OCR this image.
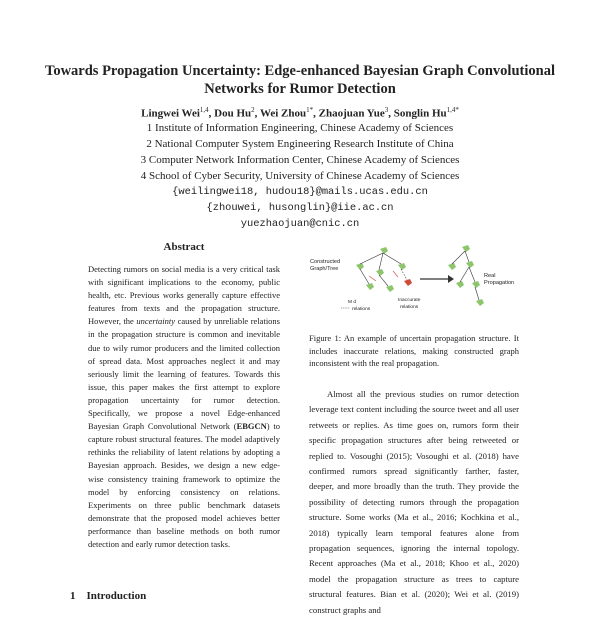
Towards Propagation Uncertainty: Edge-enhanced Bayesian Graph Convolutional Networks for Rumor Detection
Lingwei Wei$^{1,4}$, Dou Hu$^2$, Wei Zhou$^{1*}$, Zhaojuan Yue$^3$, Songlin $Hu^{1,4*}$
1 Institute of Information Engineering, Chinese Academy of Sciences
2 National Computer System Engineering Research Institute of China
3 Computer Network Information Center, Chinese Academy of Sciences
4 School of Cyber Security, University of Chinese Academy of Sciences
{weilingwei18, hudou18}@mails.ucas.edu.cn
{zhouwei, husonglin}@iie.ac.cn
yuezhaojuan@cnic.cn
Abstract
Detecting rumors on social media is a very critical task with significant implications to the economy, public health, etc. Previous works generally capture effective features from texts and the propagation structure. However, the uncertainty caused by unreliable relations in the propagation structure is common and inevitable due to wily rumor producers and the limited collection of spread data. Most approaches neglect it and may seriously limit the learning of features. Towards this issue, this paper makes the first attempt to explore propagation uncertainty for rumor detection. Specifically, we propose a novel Edge-enhanced Bayesian Graph Convolutional Network (EBGCN) to capture robust structural features. The model adaptively rethinks the reliability of latent relations by adopting a Bayesian approach. Besides, we design a new edge-wise consistency training framework to optimize the model by enforcing consistency on relations. Experiments on three public benchmark datasets demonstrate that the proposed model achieves better performance than baseline methods on both rumor detection and early rumor detection tasks.
1 Introduction
Constructed
Graph/Tree
Real
Propagation
M d
relations
Inaccurate
relations
Figure 1: An example of uncertain propagation structure. It includes inaccurate relations, making constructed graph inconsistent with the real propagation.
Almost all the previous studies on rumor detection leverage text content including the source tweet and all user retweets or replies. As time goes on, rumors form their specific propagation structures after being retweeted or replied to. Vosoughi (2015); Vosoughi et al. (2018) have confirmed rumors spread significantly farther, faster, deeper, and more broadly than the truth. They provide the possibility of detecting rumors through the propagation structure. Some works (Ma et al., 2016; Kochkina et al., 2018) typically learn temporal features alone from propagation sequences, ignoring the internal topology. Recent approaches (Ma et al., 2018; Khoo et al., 2020) model the propagation structure as trees to capture structural features. Bian et al. (2020); Wei et al. (2019) construct graphs and
